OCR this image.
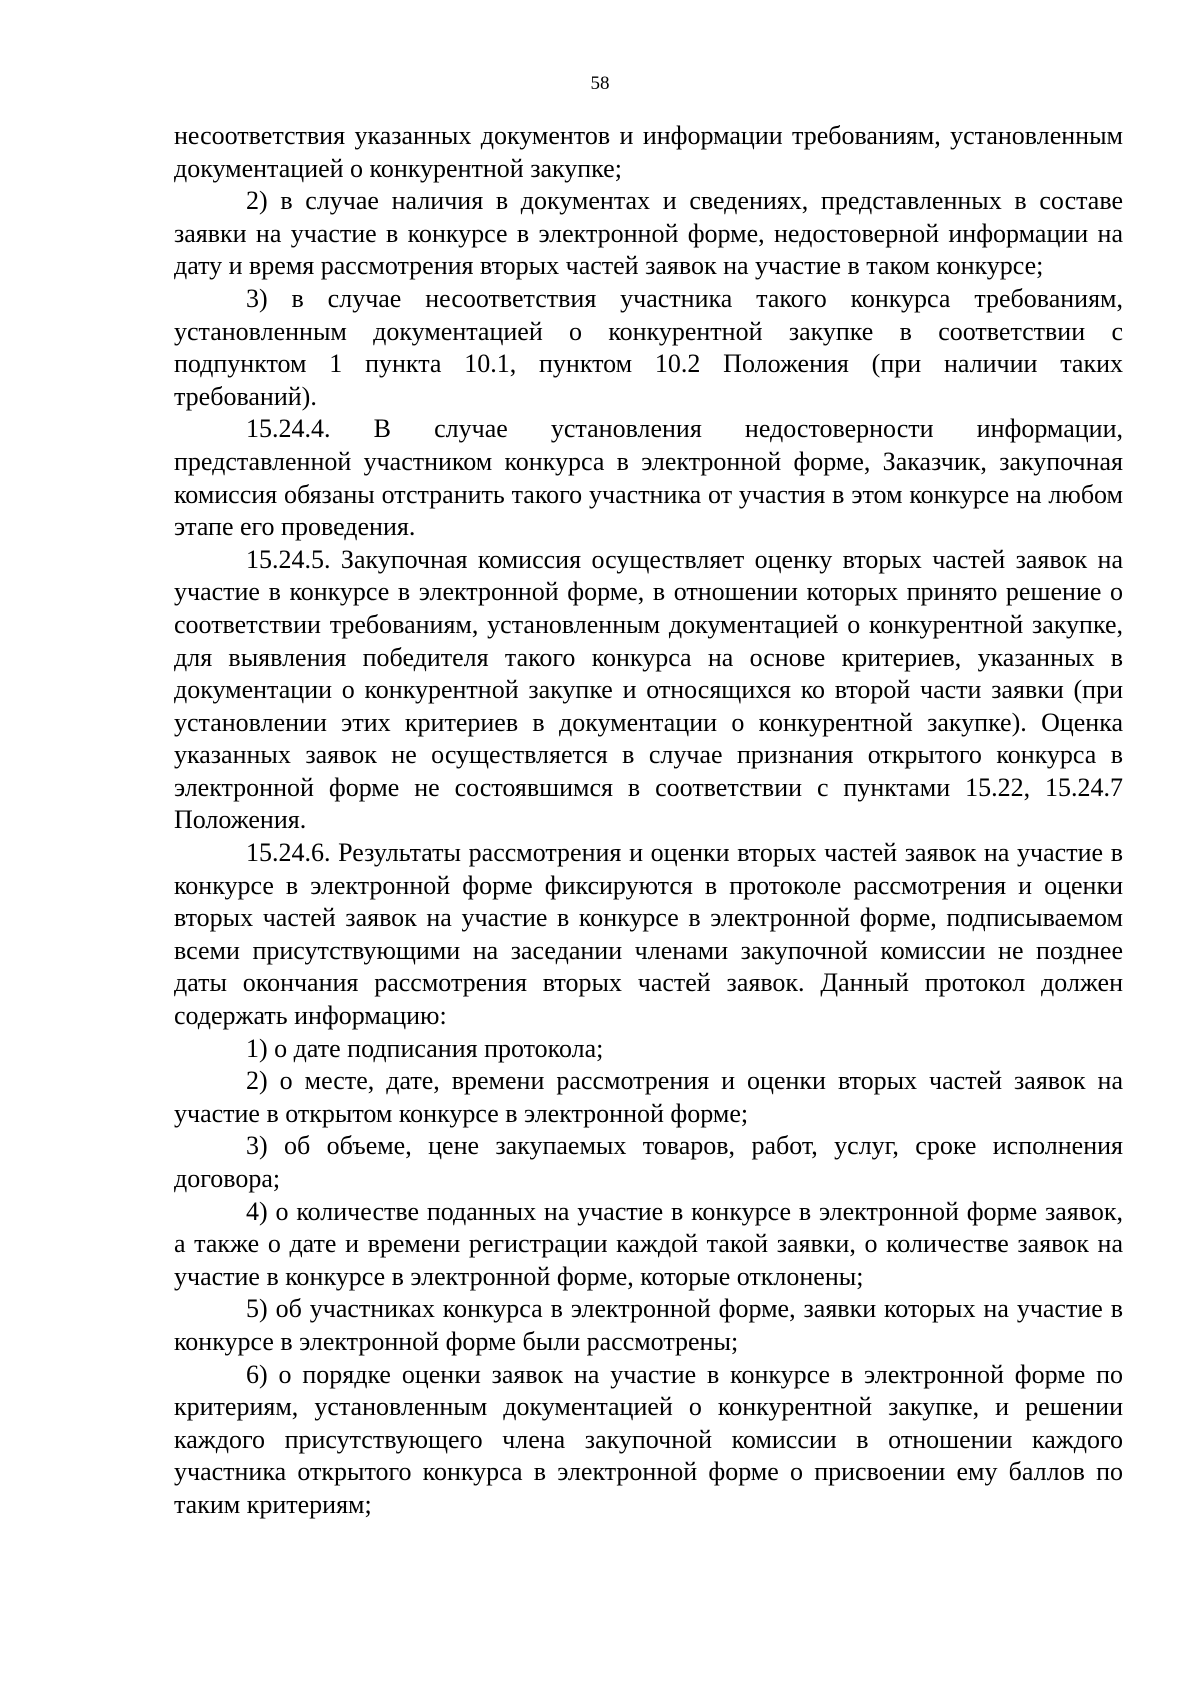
58

несоответствия указанных документов и информации требованиям, установленным документацией о конкурентной закупке;

2) в случае наличия в документах и сведениях, представленных в составе заявки на участие в конкурсе в электронной форме, недостоверной информации на дату и время рассмотрения вторых частей заявок на участие в таком конкурсе;

3) в случае несоответствия участника такого конкурса требованиям, установленным документацией о конкурентной закупке в соответствии с подпунктом 1 пункта 10.1, пунктом 10.2 Положения (при наличии таких требований).

15.24.4. В случае установления недостоверности информации, представленной участником конкурса в электронной форме, Заказчик, закупочная комиссия обязаны отстранить такого участника от участия в этом конкурсе на любом этапе его проведения.

15.24.5. Закупочная комиссия осуществляет оценку вторых частей заявок на участие в конкурсе в электронной форме, в отношении которых принято решение о соответствии требованиям, установленным документацией о конкурентной закупке, для выявления победителя такого конкурса на основе критериев, указанных в документации о конкурентной закупке и относящихся ко второй части заявки (при установлении этих критериев в документации о конкурентной закупке). Оценка указанных заявок не осуществляется в случае признания открытого конкурса в электронной форме не состоявшимся в соответствии с пунктами 15.22, 15.24.7 Положения.

15.24.6. Результаты рассмотрения и оценки вторых частей заявок на участие в конкурсе в электронной форме фиксируются в протоколе рассмотрения и оценки вторых частей заявок на участие в конкурсе в электронной форме, подписываемом всеми присутствующими на заседании членами закупочной комиссии не позднее даты окончания рассмотрения вторых частей заявок. Данный протокол должен содержать информацию:

1) о дате подписания протокола;

2) о месте, дате, времени рассмотрения и оценки вторых частей заявок на участие в открытом конкурсе в электронной форме;

3) об объеме, цене закупаемых товаров, работ, услуг, сроке исполнения договора;

4) о количестве поданных на участие в конкурсе в электронной форме заявок, а также о дате и времени регистрации каждой такой заявки, о количестве заявок на участие в конкурсе в электронной форме, которые отклонены;

5) об участниках конкурса в электронной форме, заявки которых на участие в конкурсе в электронной форме были рассмотрены;

6) о порядке оценки заявок на участие в конкурсе в электронной форме по критериям, установленным документацией о конкурентной закупке, и решении каждого присутствующего члена закупочной комиссии в отношении каждого участника открытого конкурса в электронной форме о присвоении ему баллов по таким критериям;
